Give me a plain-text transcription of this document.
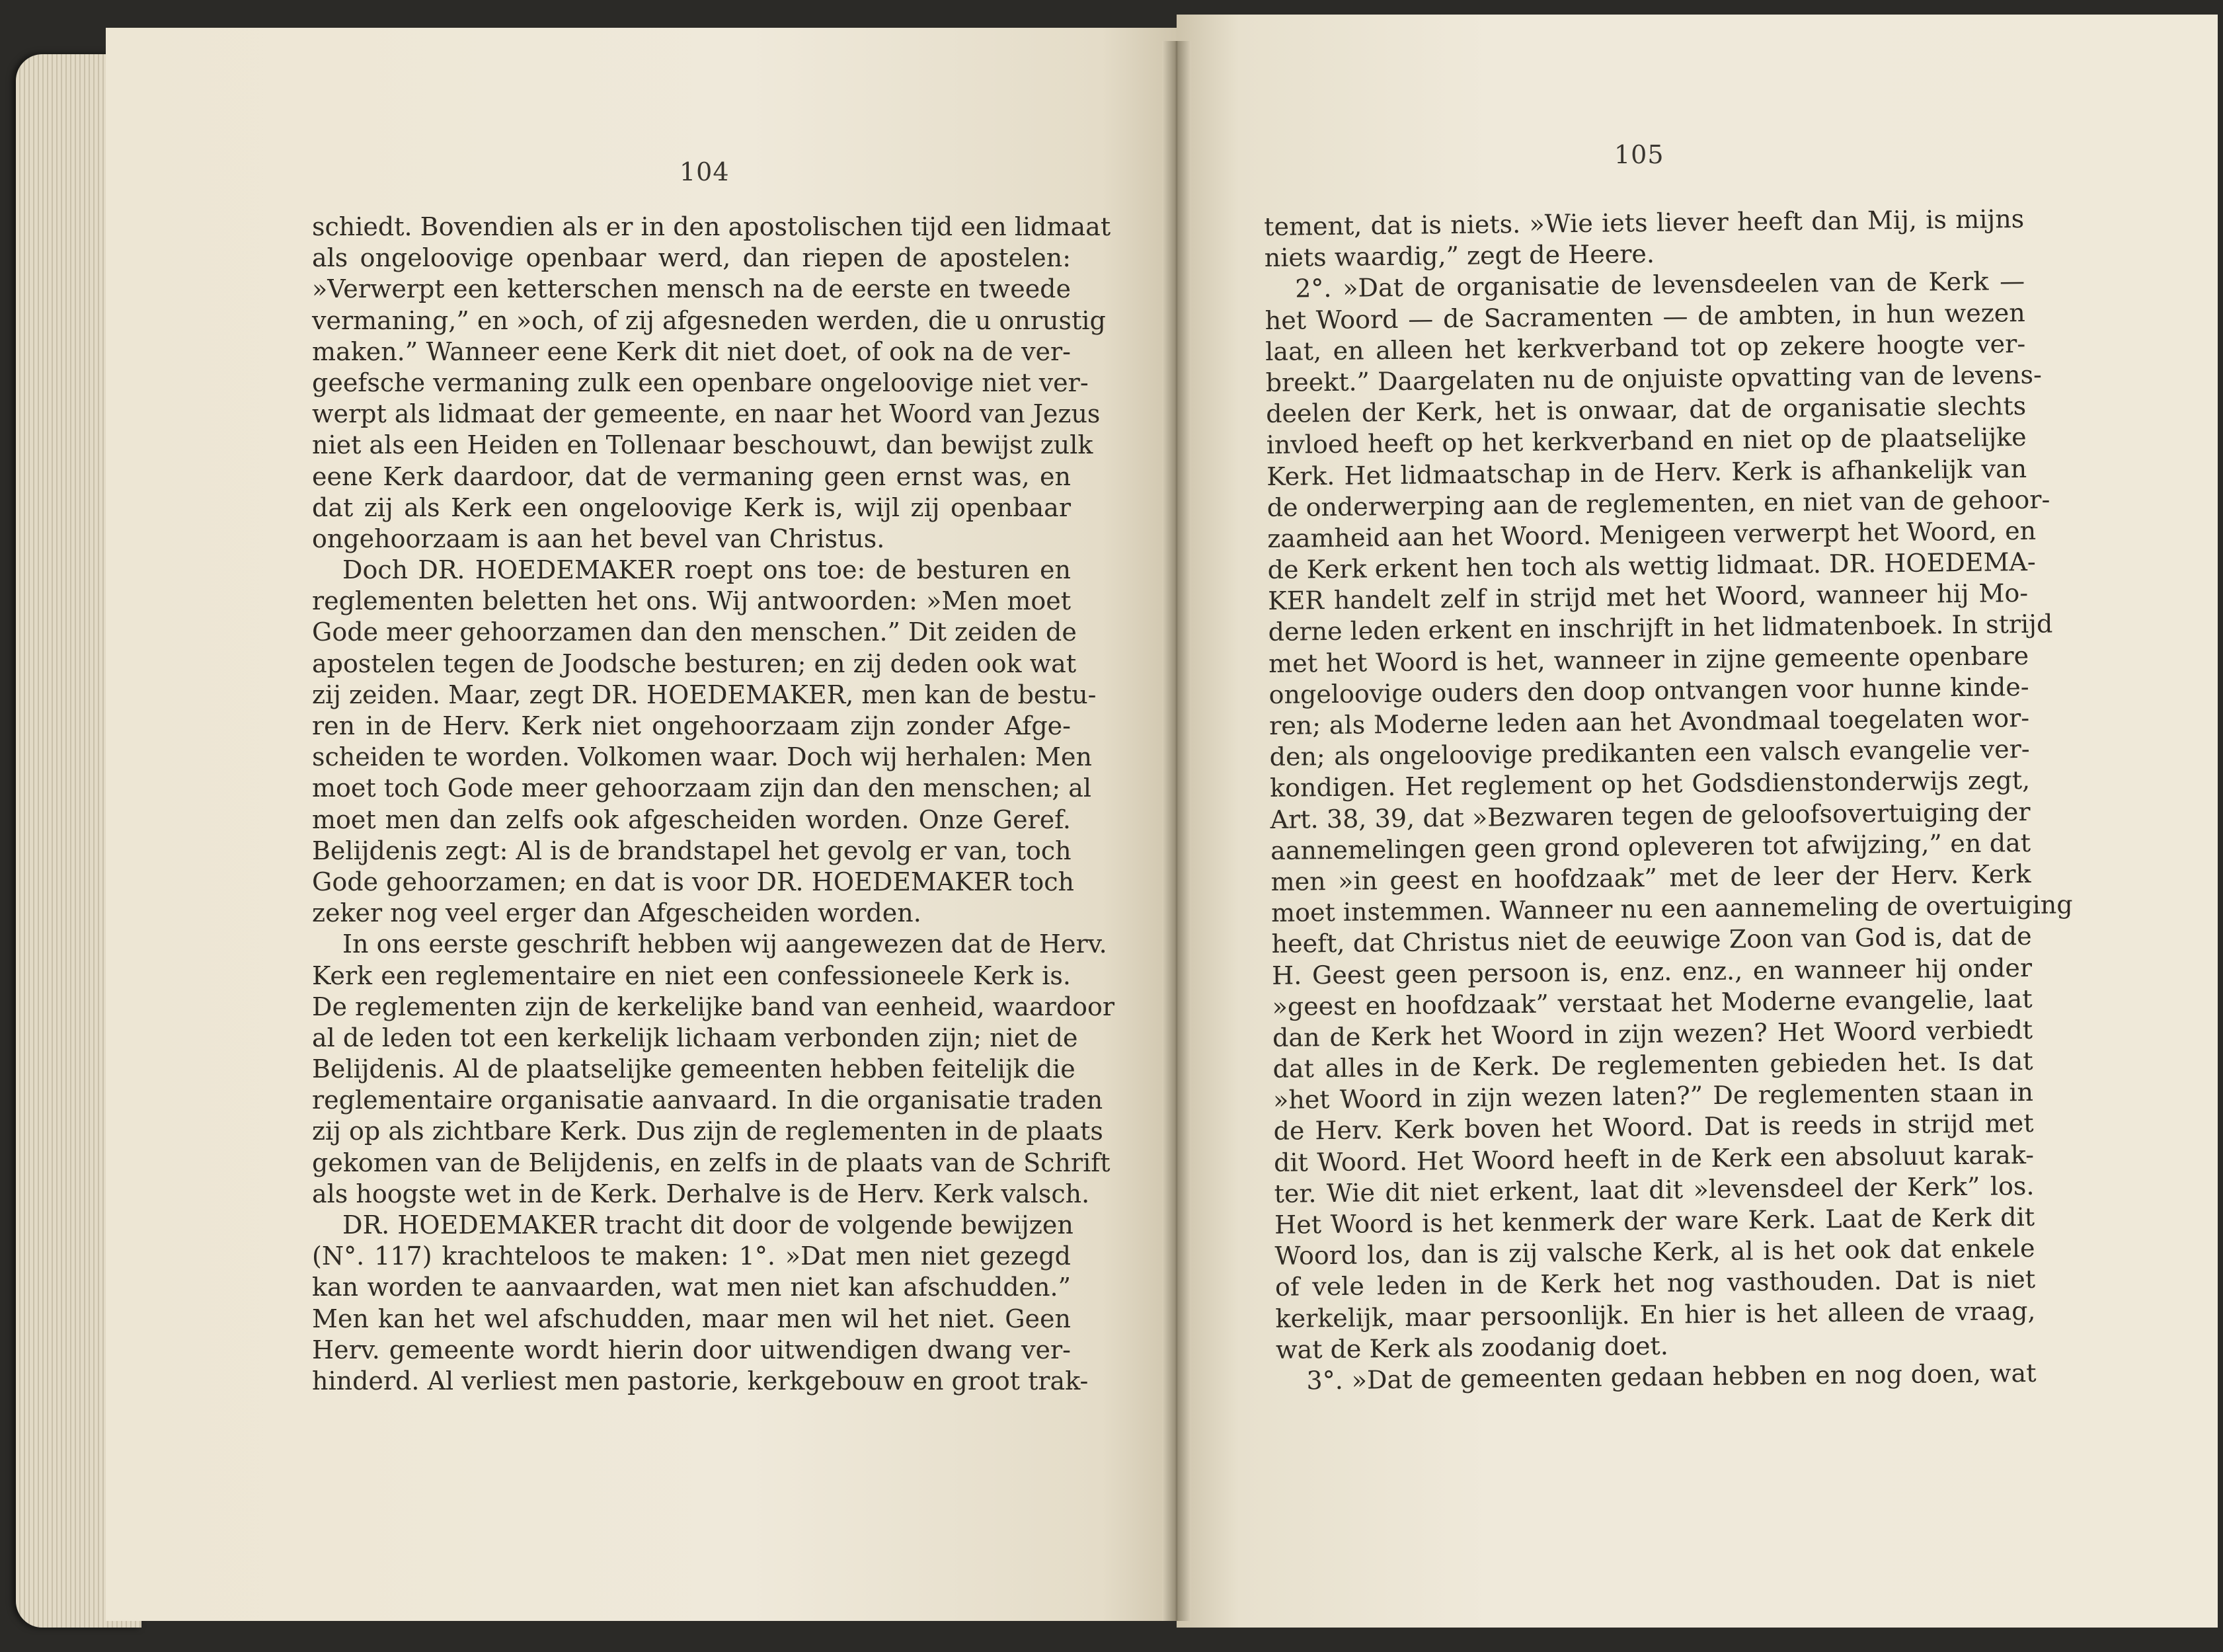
104
schiedt. Bovendien als er in den apostolischen tijd een lidmaat
als ongeloovige openbaar werd, dan riepen de apostelen:
»Verwerpt een ketterschen mensch na de eerste en tweede
vermaning,” en »och, of zij afgesneden werden, die u onrustig
maken.” Wanneer eene Kerk dit niet doet, of ook na de ver-
geefsche vermaning zulk een openbare ongeloovige niet ver-
werpt als lidmaat der gemeente, en naar het Woord van Jezus
niet als een Heiden en Tollenaar beschouwt, dan bewijst zulk
eene Kerk daardoor, dat de vermaning geen ernst was, en
dat zij als Kerk een ongeloovige Kerk is, wijl zij openbaar
ongehoorzaam is aan het bevel van Christus.
Doch DR. HOEDEMAKER roept ons toe: de besturen en
reglementen beletten het ons. Wij antwoorden: »Men moet
Gode meer gehoorzamen dan den menschen.” Dit zeiden de
apostelen tegen de Joodsche besturen; en zij deden ook wat
zij zeiden. Maar, zegt DR. HOEDEMAKER, men kan de bestu-
ren in de Herv. Kerk niet ongehoorzaam zijn zonder Afge-
scheiden te worden. Volkomen waar. Doch wij herhalen: Men
moet toch Gode meer gehoorzaam zijn dan den menschen; al
moet men dan zelfs ook afgescheiden worden. Onze Geref.
Belijdenis zegt: Al is de brandstapel het gevolg er van, toch
Gode gehoorzamen; en dat is voor DR. HOEDEMAKER toch
zeker nog veel erger dan Afgescheiden worden.
In ons eerste geschrift hebben wij aangewezen dat de Herv.
Kerk een reglementaire en niet een confessioneele Kerk is.
De reglementen zijn de kerkelijke band van eenheid, waardoor
al de leden tot een kerkelijk lichaam verbonden zijn; niet de
Belijdenis. Al de plaatselijke gemeenten hebben feitelijk die
reglementaire organisatie aanvaard. In die organisatie traden
zij op als zichtbare Kerk. Dus zijn de reglementen in de plaats
gekomen van de Belijdenis, en zelfs in de plaats van de Schrift
als hoogste wet in de Kerk. Derhalve is de Herv. Kerk valsch.
DR. HOEDEMAKER tracht dit door de volgende bewijzen
(N°. 117) krachteloos te maken: 1°. »Dat men niet gezegd
kan worden te aanvaarden, wat men niet kan afschudden.”
Men kan het wel afschudden, maar men wil het niet. Geen
Herv. gemeente wordt hierin door uitwendigen dwang ver-
hinderd. Al verliest men pastorie, kerkgebouw en groot trak-
105
tement, dat is niets. »Wie iets liever heeft dan Mij, is mijns
niets waardig,” zegt de Heere.
2°. »Dat de organisatie de levensdeelen van de Kerk —
het Woord — de Sacramenten — de ambten, in hun wezen
laat, en alleen het kerkverband tot op zekere hoogte ver-
breekt.” Daargelaten nu de onjuiste opvatting van de levens-
deelen der Kerk, het is onwaar, dat de organisatie slechts
invloed heeft op het kerkverband en niet op de plaatselijke
Kerk. Het lidmaatschap in de Herv. Kerk is afhankelijk van
de onderwerping aan de reglementen, en niet van de gehoor-
zaamheid aan het Woord. Menigeen verwerpt het Woord, en
de Kerk erkent hen toch als wettig lidmaat. DR. HOEDEMA-
KER handelt zelf in strijd met het Woord, wanneer hij Mo-
derne leden erkent en inschrijft in het lidmatenboek. In strijd
met het Woord is het, wanneer in zijne gemeente openbare
ongeloovige ouders den doop ontvangen voor hunne kinde-
ren; als Moderne leden aan het Avondmaal toegelaten wor-
den; als ongeloovige predikanten een valsch evangelie ver-
kondigen. Het reglement op het Godsdienstonderwijs zegt,
Art. 38, 39, dat »Bezwaren tegen de geloofsovertuiging der
aannemelingen geen grond opleveren tot afwijzing,” en dat
men »in geest en hoofdzaak” met de leer der Herv. Kerk
moet instemmen. Wanneer nu een aannemeling de overtuiging
heeft, dat Christus niet de eeuwige Zoon van God is, dat de
H. Geest geen persoon is, enz. enz., en wanneer hij onder
»geest en hoofdzaak” verstaat het Moderne evangelie, laat
dan de Kerk het Woord in zijn wezen? Het Woord verbiedt
dat alles in de Kerk. De reglementen gebieden het. Is dat
»het Woord in zijn wezen laten?” De reglementen staan in
de Herv. Kerk boven het Woord. Dat is reeds in strijd met
dit Woord. Het Woord heeft in de Kerk een absoluut karak-
ter. Wie dit niet erkent, laat dit »levensdeel der Kerk” los.
Het Woord is het kenmerk der ware Kerk. Laat de Kerk dit
Woord los, dan is zij valsche Kerk, al is het ook dat enkele
of vele leden in de Kerk het nog vasthouden. Dat is niet
kerkelijk, maar persoonlijk. En hier is het alleen de vraag,
wat de Kerk als zoodanig doet.
3°. »Dat de gemeenten gedaan hebben en nog doen, wat
